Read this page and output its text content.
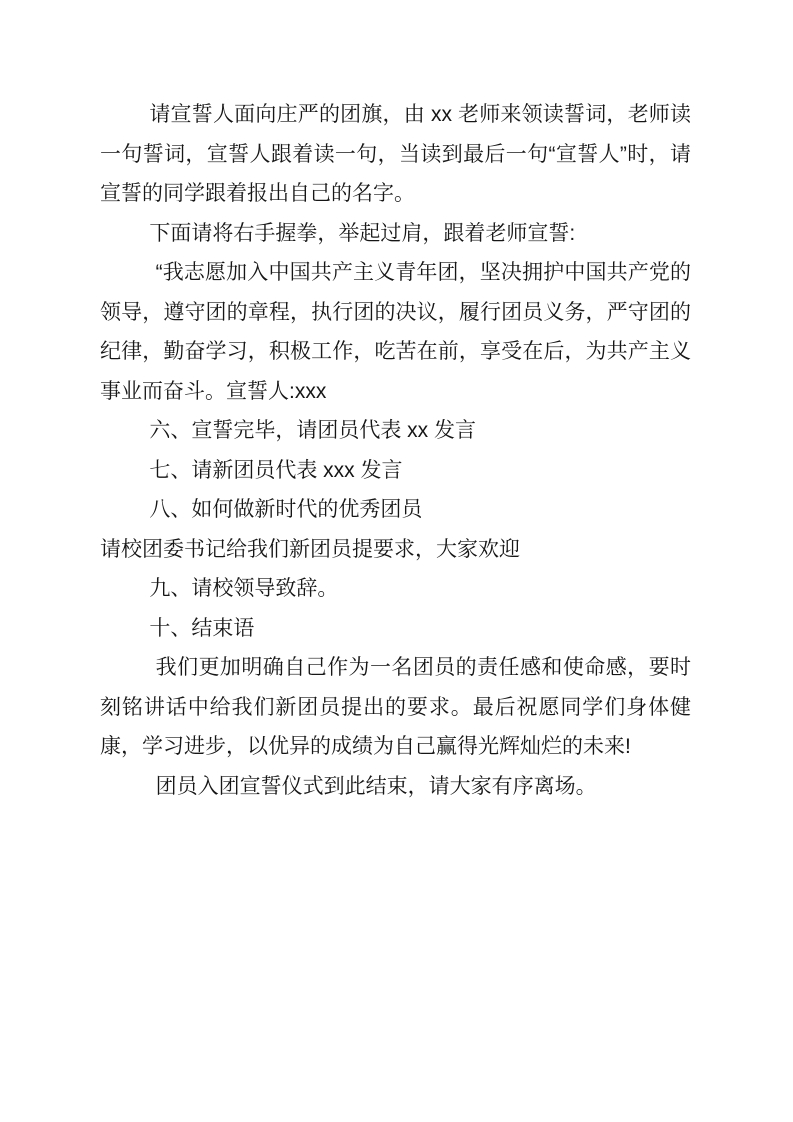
请宣誓人面向庄严的团旗，由 xx 老师来领读誓词，老师读一句誓词，宣誓人跟着读一句，当读到最后一句“宣誓人”时，请宣誓的同学跟着报出自己的名字。

下面请将右手握拳，举起过肩，跟着老师宣誓:

“我志愿加入中国共产主义青年团，坚决拥护中国共产党的领导，遵守团的章程，执行团的决议，履行团员义务，严守团的纪律，勤奋学习，积极工作，吃苦在前，享受在后，为共产主义事业而奋斗。宣誓人:xxx

六、宣誓完毕，请团员代表 xx 发言

七、请新团员代表 xxx 发言

八、如何做新时代的优秀团员

请校团委书记给我们新团员提要求，大家欢迎

九、请校领导致辞。

十、结束语

我们更加明确自己作为一名团员的责任感和使命感，要时刻铭讲话中给我们新团员提出的要求。最后祝愿同学们身体健康，学习进步，以优异的成绩为自己赢得光辉灿烂的未来!

团员入团宣誓仪式到此结束，请大家有序离场。
